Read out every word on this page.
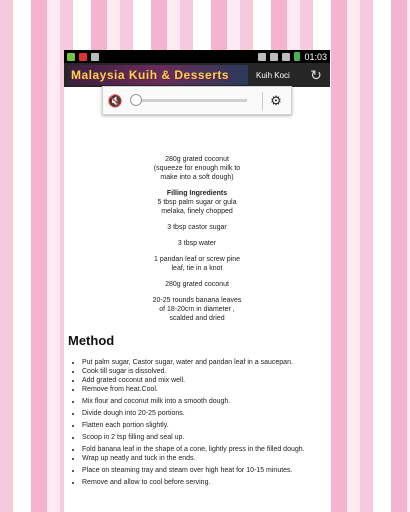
01:03
Malaysia Kuih & Desserts	Kuih Koci ↻
🔇	⚙

280g grated coconut
(squeeze for enough milk to
make into a soft dough)

Filling Ingredients
5 tbsp palm sugar or gula
melaka, finely chopped

3 tbsp castor sugar

3 tbsp water

1 pandan leaf or screw pine
leaf, tie in a knot

280g grated coconut

20-25 rounds banana leaves
of 18-20cm in diameter ,
scalded and dried

Method
• Put palm sugar, Castor sugar, water and pandan leaf in a saucepan.
• Cook till sugar is dissolved.
• Add grated coconut and mix well.
• Remove from heat.Cool.
• Mix flour and coconut milk into a smooth dough.
• Divide dough into 20-25 portions.
• Flatten each portion slightly.
• Scoop in 2 tsp filling and seal up.
• Fold banana leaf in the shape of a cone, lightly press in the filled dough.
• Wrap up neatly and tuck in the ends.
• Place on steaming tray and steam over high heat for 10-15 minutes.
• Remove and allow to cool before serving.
